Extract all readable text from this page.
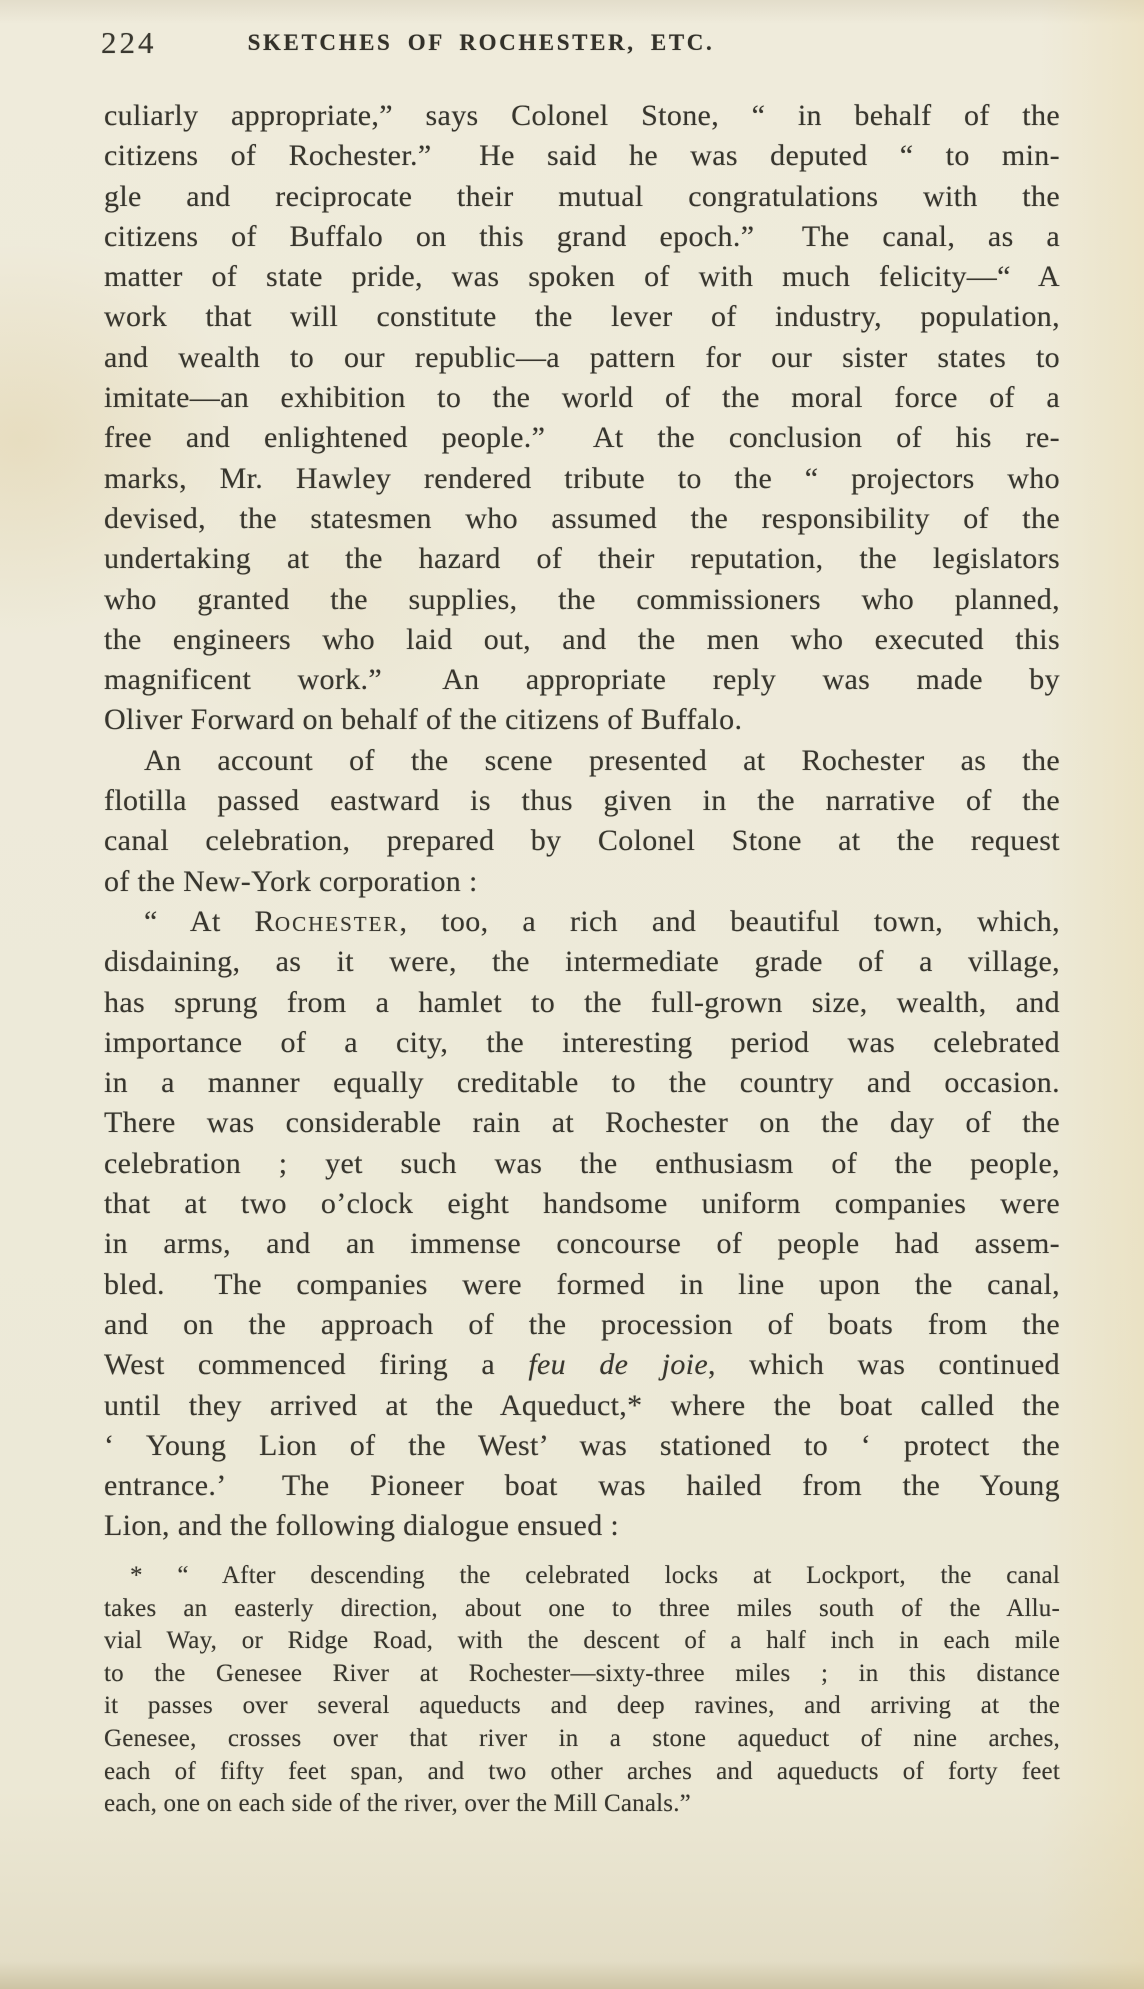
224	SKETCHES OF ROCHESTER, ETC.
culiarly appropriate,” says Colonel Stone, “ in behalf of the
citizens of Rochester.”  He said he was deputed “ to min-
gle and reciprocate their mutual congratulations with the
citizens of Buffalo on this grand epoch.”  The canal, as a
matter of state pride, was spoken of with much felicity—“ A
work that will constitute the lever of industry, population,
and wealth to our republic—a pattern for our sister states to
imitate—an exhibition to the world of the moral force of a
free and enlightened people.”  At the conclusion of his re-
marks, Mr. Hawley rendered tribute to the “ projectors who
devised, the statesmen who assumed the responsibility of the
undertaking at the hazard of their reputation, the legislators
who granted the supplies, the commissioners who planned,
the engineers who laid out, and the men who executed this
magnificent work.”  An appropriate reply was made by
Oliver Forward on behalf of the citizens of Buffalo.
An account of the scene presented at Rochester as the
flotilla passed eastward is thus given in the narrative of the
canal celebration, prepared by Colonel Stone at the request
of the New-York corporation :
“ At Rochester, too, a rich and beautiful town, which,
disdaining, as it were, the intermediate grade of a village,
has sprung from a hamlet to the full-grown size, wealth, and
importance of a city, the interesting period was celebrated
in a manner equally creditable to the country and occasion.
There was considerable rain at Rochester on the day of the
celebration ; yet such was the enthusiasm of the people,
that at two o’clock eight handsome uniform companies were
in arms, and an immense concourse of people had assem-
bled.  The companies were formed in line upon the canal,
and on the approach of the procession of boats from the
West commenced firing a feu de joie, which was continued
until they arrived at the Aqueduct,* where the boat called the
‘ Young Lion of the West’ was stationed to ‘ protect the
entrance.’  The Pioneer boat was hailed from the Young
Lion, and the following dialogue ensued :
* “ After descending the celebrated locks at Lockport, the canal
takes an easterly direction, about one to three miles south of the Allu-
vial Way, or Ridge Road, with the descent of a half inch in each mile
to the Genesee River at Rochester—sixty-three miles ; in this distance
it passes over several aqueducts and deep ravines, and arriving at the
Genesee, crosses over that river in a stone aqueduct of nine arches,
each of fifty feet span, and two other arches and aqueducts of forty feet
each, one on each side of the river, over the Mill Canals.”
